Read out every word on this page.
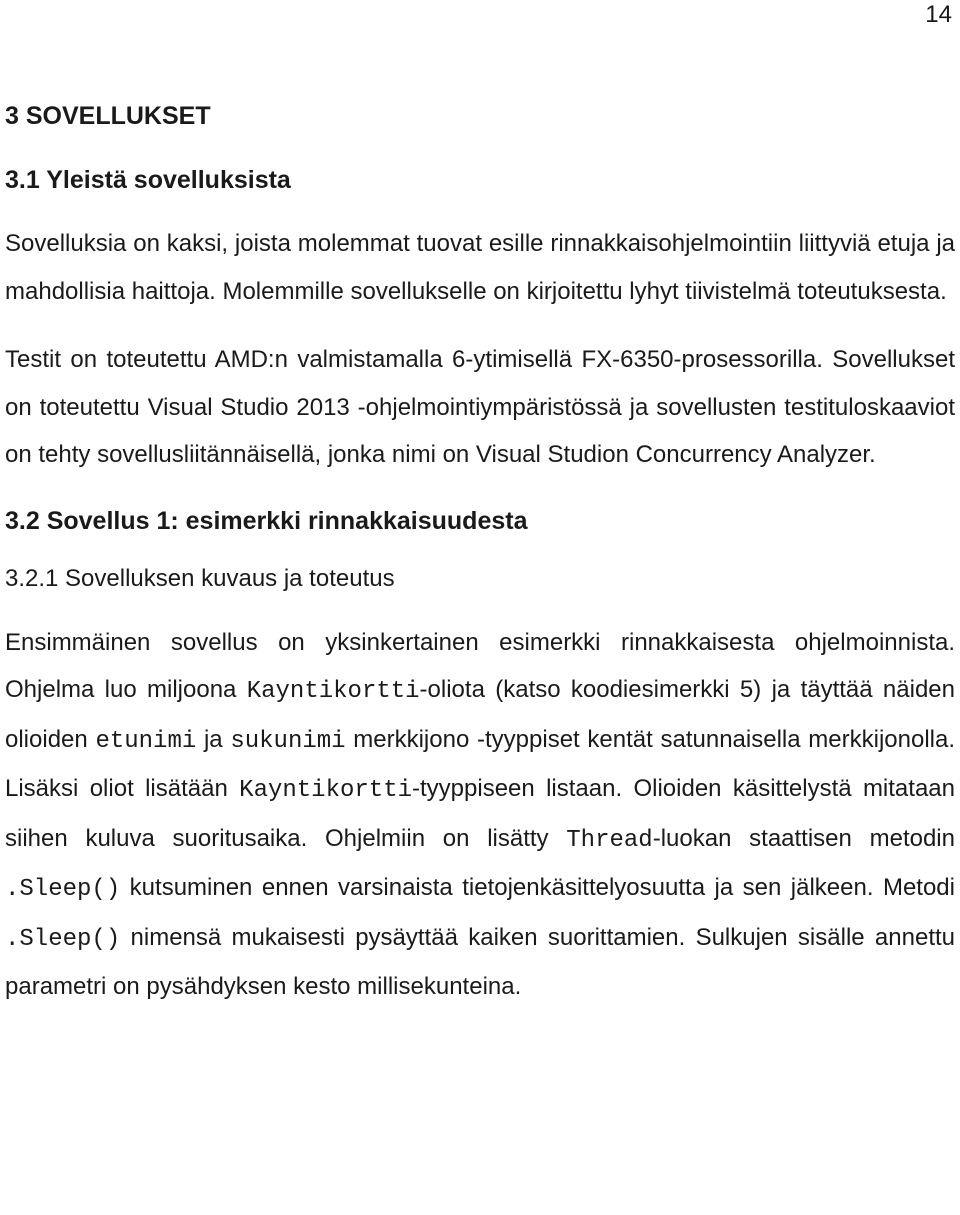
14
3 SOVELLUKSET
3.1 Yleistä sovelluksista

Sovelluksia on kaksi, joista molemmat tuovat esille rinnakkaisohjelmointiin liittyviä etuja ja mahdollisia haittoja. Molemmille sovellukselle on kirjoitettu lyhyt tiivistelmä toteutuksesta.

Testit on toteutettu AMD:n valmistamalla 6-ytimisellä FX-6350-prosessorilla. Sovellukset on toteutettu Visual Studio 2013 -ohjelmointiympäristössä ja sovellusten testituloskaaviot on tehty sovellusliitännäisellä, jonka nimi on Visual Studion Concurrency Analyzer.

3.2 Sovellus 1: esimerkki rinnakkaisuudesta
3.2.1 Sovelluksen kuvaus ja toteutus

Ensimmäinen sovellus on yksinkertainen esimerkki rinnakkaisesta ohjelmoinnista. Ohjelma luo miljoona Kayntikortti-oliota (katso koodiesimerkki 5) ja täyttää näiden olioiden etunimi ja sukunimi merkkijono -tyyppiset kentät satunnaisella merkkijonolla. Lisäksi oliot lisätään Kayntikortti-tyyppiseen listaan. Olioiden käsittelystä mitataan siihen kuluva suoritusaika. Ohjelmiin on lisätty Thread-luokan staattisen metodin .Sleep() kutsuminen ennen varsinaista tietojenkäsittelyosuutta ja sen jälkeen. Metodi .Sleep() nimensä mukaisesti pysäyttää kaiken suorittamien. Sulkujen sisälle annettu parametri on pysähdyksen kesto millisekunteina.
